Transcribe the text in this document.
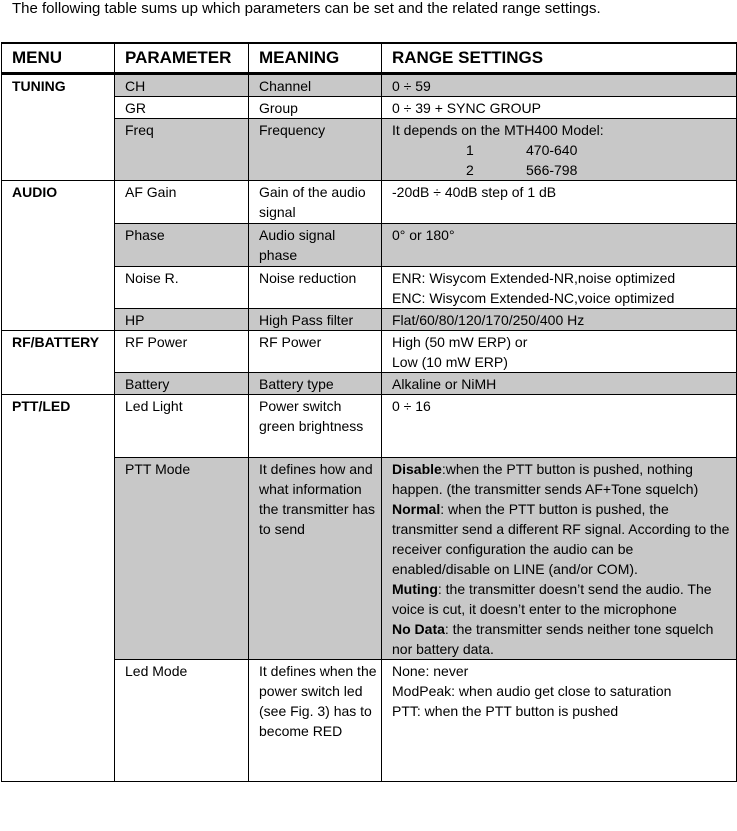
The following table sums up which parameters can be set and the related range settings.

MENU	PARAMETER	MEANING	RANGE SETTINGS
TUNING	CH	Channel	0 ÷ 59
	GR	Group	0 ÷ 39 + SYNC GROUP
	Freq	Frequency	It depends on the MTH400 Model:
1 470-640
2 566-798

AUDIO	AF Gain	Gain of the audio signal	-20dB ÷ 40dB step of 1 dB
	Phase	Audio signal phase	0° or 180°
	Noise R.	Noise reduction	ENR: Wisycom Extended-NR,noise optimized
ENC: Wisycom Extended-NC,voice optimized

	HP	High Pass filter	Flat/60/80/120/170/250/400 Hz
RF/BATTERY	RF Power	RF Power	High (50 mW ERP) or
Low (10 mW ERP)

	Battery	Battery type	Alkaline or NiMH
PTT/LED	Led Light	Power switch green brightness	0 ÷ 16
	PTT Mode	It defines how and what information the transmitter has to send	Disable:when the PTT button is pushed, nothing happen. (the transmitter sends AF+Tone squelch)
Normal: when the PTT button is pushed, the transmitter send a different RF signal. According to the receiver configuration the audio can be enabled/disable on LINE (and/or COM).
Muting: the transmitter doesn’t send the audio. The voice is cut, it doesn’t enter to the microphone
No Data: the transmitter sends neither tone squelch nor battery data.

	Led Mode	It defines when the power switch led (see Fig. 3) has to become RED	None: never
ModPeak: when audio get close to saturation
PTT: when the PTT button is pushed
